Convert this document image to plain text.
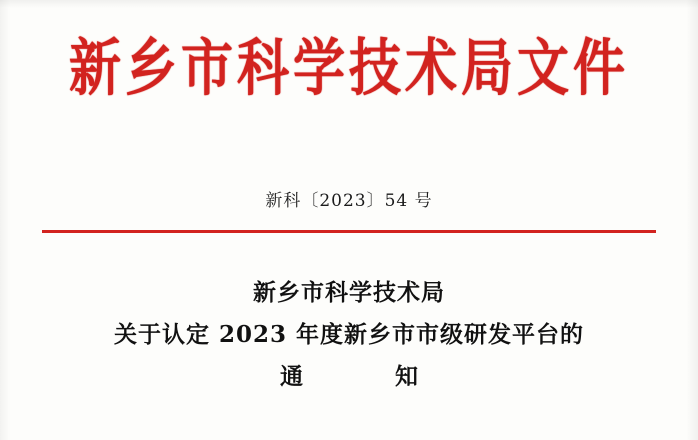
新乡市科学技术局文件
新科〔2023〕54 号
新乡市科学技术局
关于认定 2023 年度新乡市市级研发平台的
通    知
